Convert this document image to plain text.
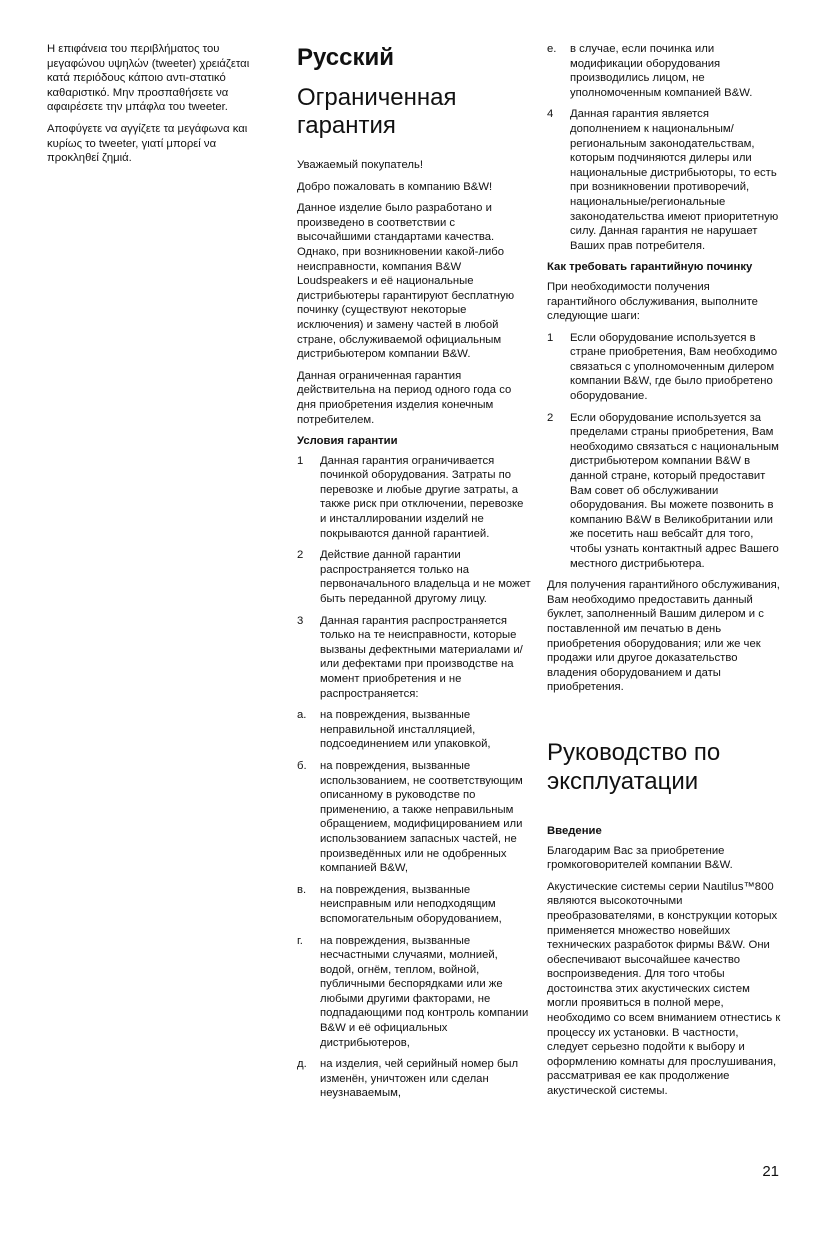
Η επιφάνεια του περιβλήματος του μεγαφώνου υψηλών (tweeter) χρειάζεται κατά περιόδους κάποιο αντι-στατικό καθαριστικό. Μην προσπαθήσετε να αφαιρέσετε την μπάφλα του tweeter.

Αποφύγετε να αγγίζετε τα μεγάφωνα και κυρίως το tweeter, γιατί μπορεί να προκληθεί ζημιά.

Русский
Ограниченная гарантия

Уважаемый покупатель!

Добро пожаловать в компанию B&W!

Данное изделие было разработано и произведено в соответствии с высочайшими стандартами качества. Однако, при возникновении какой-либо неисправности, компания B&W Loudspeakers и её национальные дистрибьютеры гарантируют бесплатную починку (существуют некоторые исключения) и замену частей в любой стране, обслуживаемой официальным дистрибьютером компании B&W.

Данная ограниченная гарантия действительна на период одного года со дня приобретения изделия конечным потребителем.

Условия гарантии
1	Данная гарантия ограничивается починкой оборудования. Затраты по перевозке и любые другие затраты, а также риск при отключении, перевозке и инсталлировании изделий не покрываются данной гарантией.
2	Действие данной гарантии распространяется только на первоначального владельца и не может быть переданной другому лицу.
3	Данная гарантия распространяется только на те неисправности, которые вызваны дефектными материалами и/или дефектами при производстве на момент приобретения и не распространяется:
a.	на повреждения, вызванные неправильной инсталляцией, подсоединением или упаковкой,
б.	на повреждения, вызванные использованием, не соответствующим описанному в руководстве по применению, а также неправильным обращением, модифицированием или использованием запасных частей, не произведённых или не одобренных компанией B&W,
в.	на повреждения, вызванные неисправным или неподходящим вспомогательным оборудованием,
г.	на повреждения, вызванные несчастными случаями, молнией, водой, огнём, теплом, войной, публичными беспорядками или же любыми другими факторами, не подпадающими под контроль компании B&W и её официальных дистрибьютеров,
д.	на изделия, чей серийный номер был изменён, уничтожен или сделан неузнаваемым,
e.	в случае, если починка или модификации оборудования производились лицом, не уполномоченным компанией B&W.
4	Данная гарантия является дополнением к национальным/региональным законодательствам, которым подчиняются дилеры или национальные дистрибьюторы, то есть при возникновении противоречий, национальные/региональные законодательства имеют приоритетную силу. Данная гарантия не нарушает Ваших прав потребителя.
Как требовать гарантийную починку

При необходимости получения гарантийного обслуживания, выполните следующие шаги:

1	Если оборудование используется в стране приобретения, Вам необходимо связаться с уполномоченным дилером компании B&W, где было приобретено оборудование.
2	Если оборудование используется за пределами страны приобретения, Вам необходимо связаться с национальным дистрибьютером компании B&W в данной стране, который предоставит Вам совет об обслуживании оборудования. Вы можете позвонить в компанию B&W в Великобритании или же посетить наш вебсайт для того, чтобы узнать контактный адрес Вашего местного дистрибьютера.

Для получения гарантийного обслуживания, Вам необходимо предоставить данный буклет, заполненный Вашим дилером и с поставленной им печатью в день приобретения оборудования; или же чек продажи или другое доказательство владения оборудованием и даты приобретения.

Руководство по эксплуатации
Введение

Благодарим Вас за приобретение громкоговорителей компании B&W.

Акустические системы серии Nautilus™800 являются высокоточными преобразователями, в конструкции которых применяется множество новейших технических разработок фирмы B&W. Они обеспечивают высочайшее качество воспроизведения. Для того чтобы достоинства этих акустических систем могли проявиться в полной мере, необходимо со всем вниманием отнестись к процессу их установки. В частности, следует серьезно подойти к выбору и оформлению комнаты для прослушивания, рассматривая ее как продолжение акустической системы.

21
